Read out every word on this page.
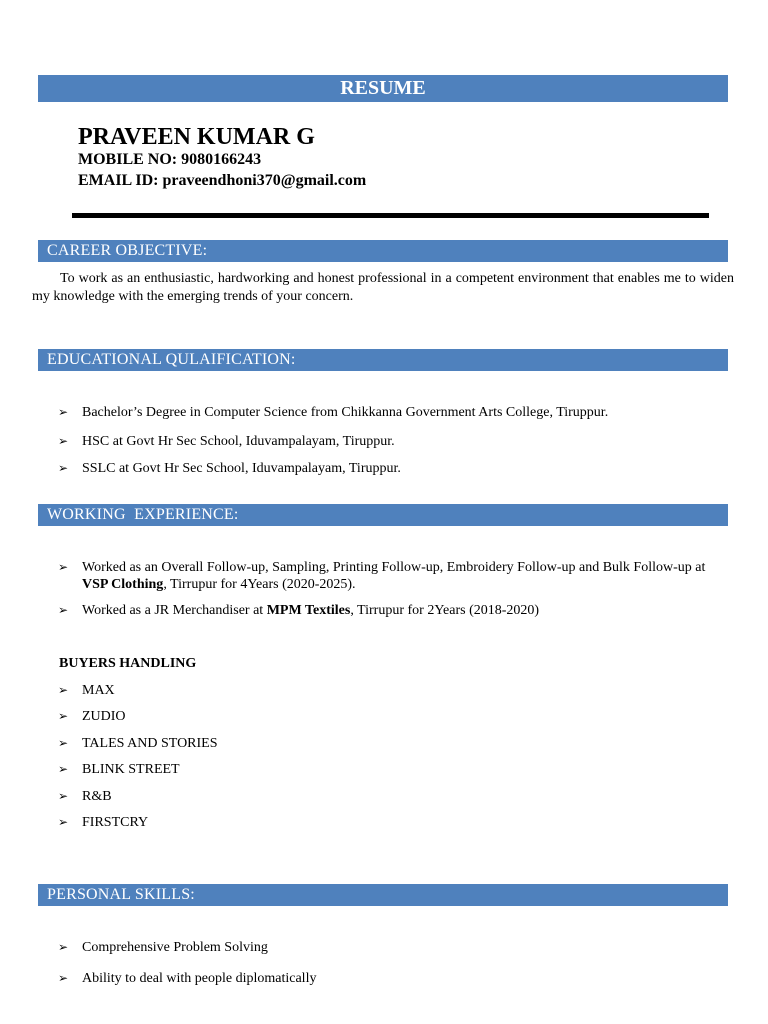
RESUME
PRAVEEN KUMAR G
MOBILE NO: 9080166243
EMAIL ID: praveendhoni370@gmail.com
CAREER OBJECTIVE:
To work as an enthusiastic, hardworking and honest professional in a competent environment that enables me to widen my knowledge with the emerging trends of your concern.
EDUCATIONAL QULAIFICATION:
➢ Bachelor’s Degree in Computer Science from Chikkanna Government Arts College, Tiruppur.
➢ HSC at Govt Hr Sec School, Iduvampalayam, Tiruppur.
➢ SSLC at Govt Hr Sec School, Iduvampalayam, Tiruppur.
WORKING  EXPERIENCE:
➢ Worked as an Overall Follow-up, Sampling, Printing Follow-up, Embroidery Follow-up and Bulk Follow-up at VSP Clothing, Tirrupur for 4Years (2020-2025).
➢ Worked as a JR Merchandiser at MPM Textiles, Tirrupur for 2Years (2018-2020)
BUYERS HANDLING
➢ MAX
➢ ZUDIO
➢ TALES AND STORIES
➢ BLINK STREET
➢ R&B
➢ FIRSTCRY
PERSONAL SKILLS:
➢ Comprehensive Problem Solving
➢ Ability to deal with people diplomatically
